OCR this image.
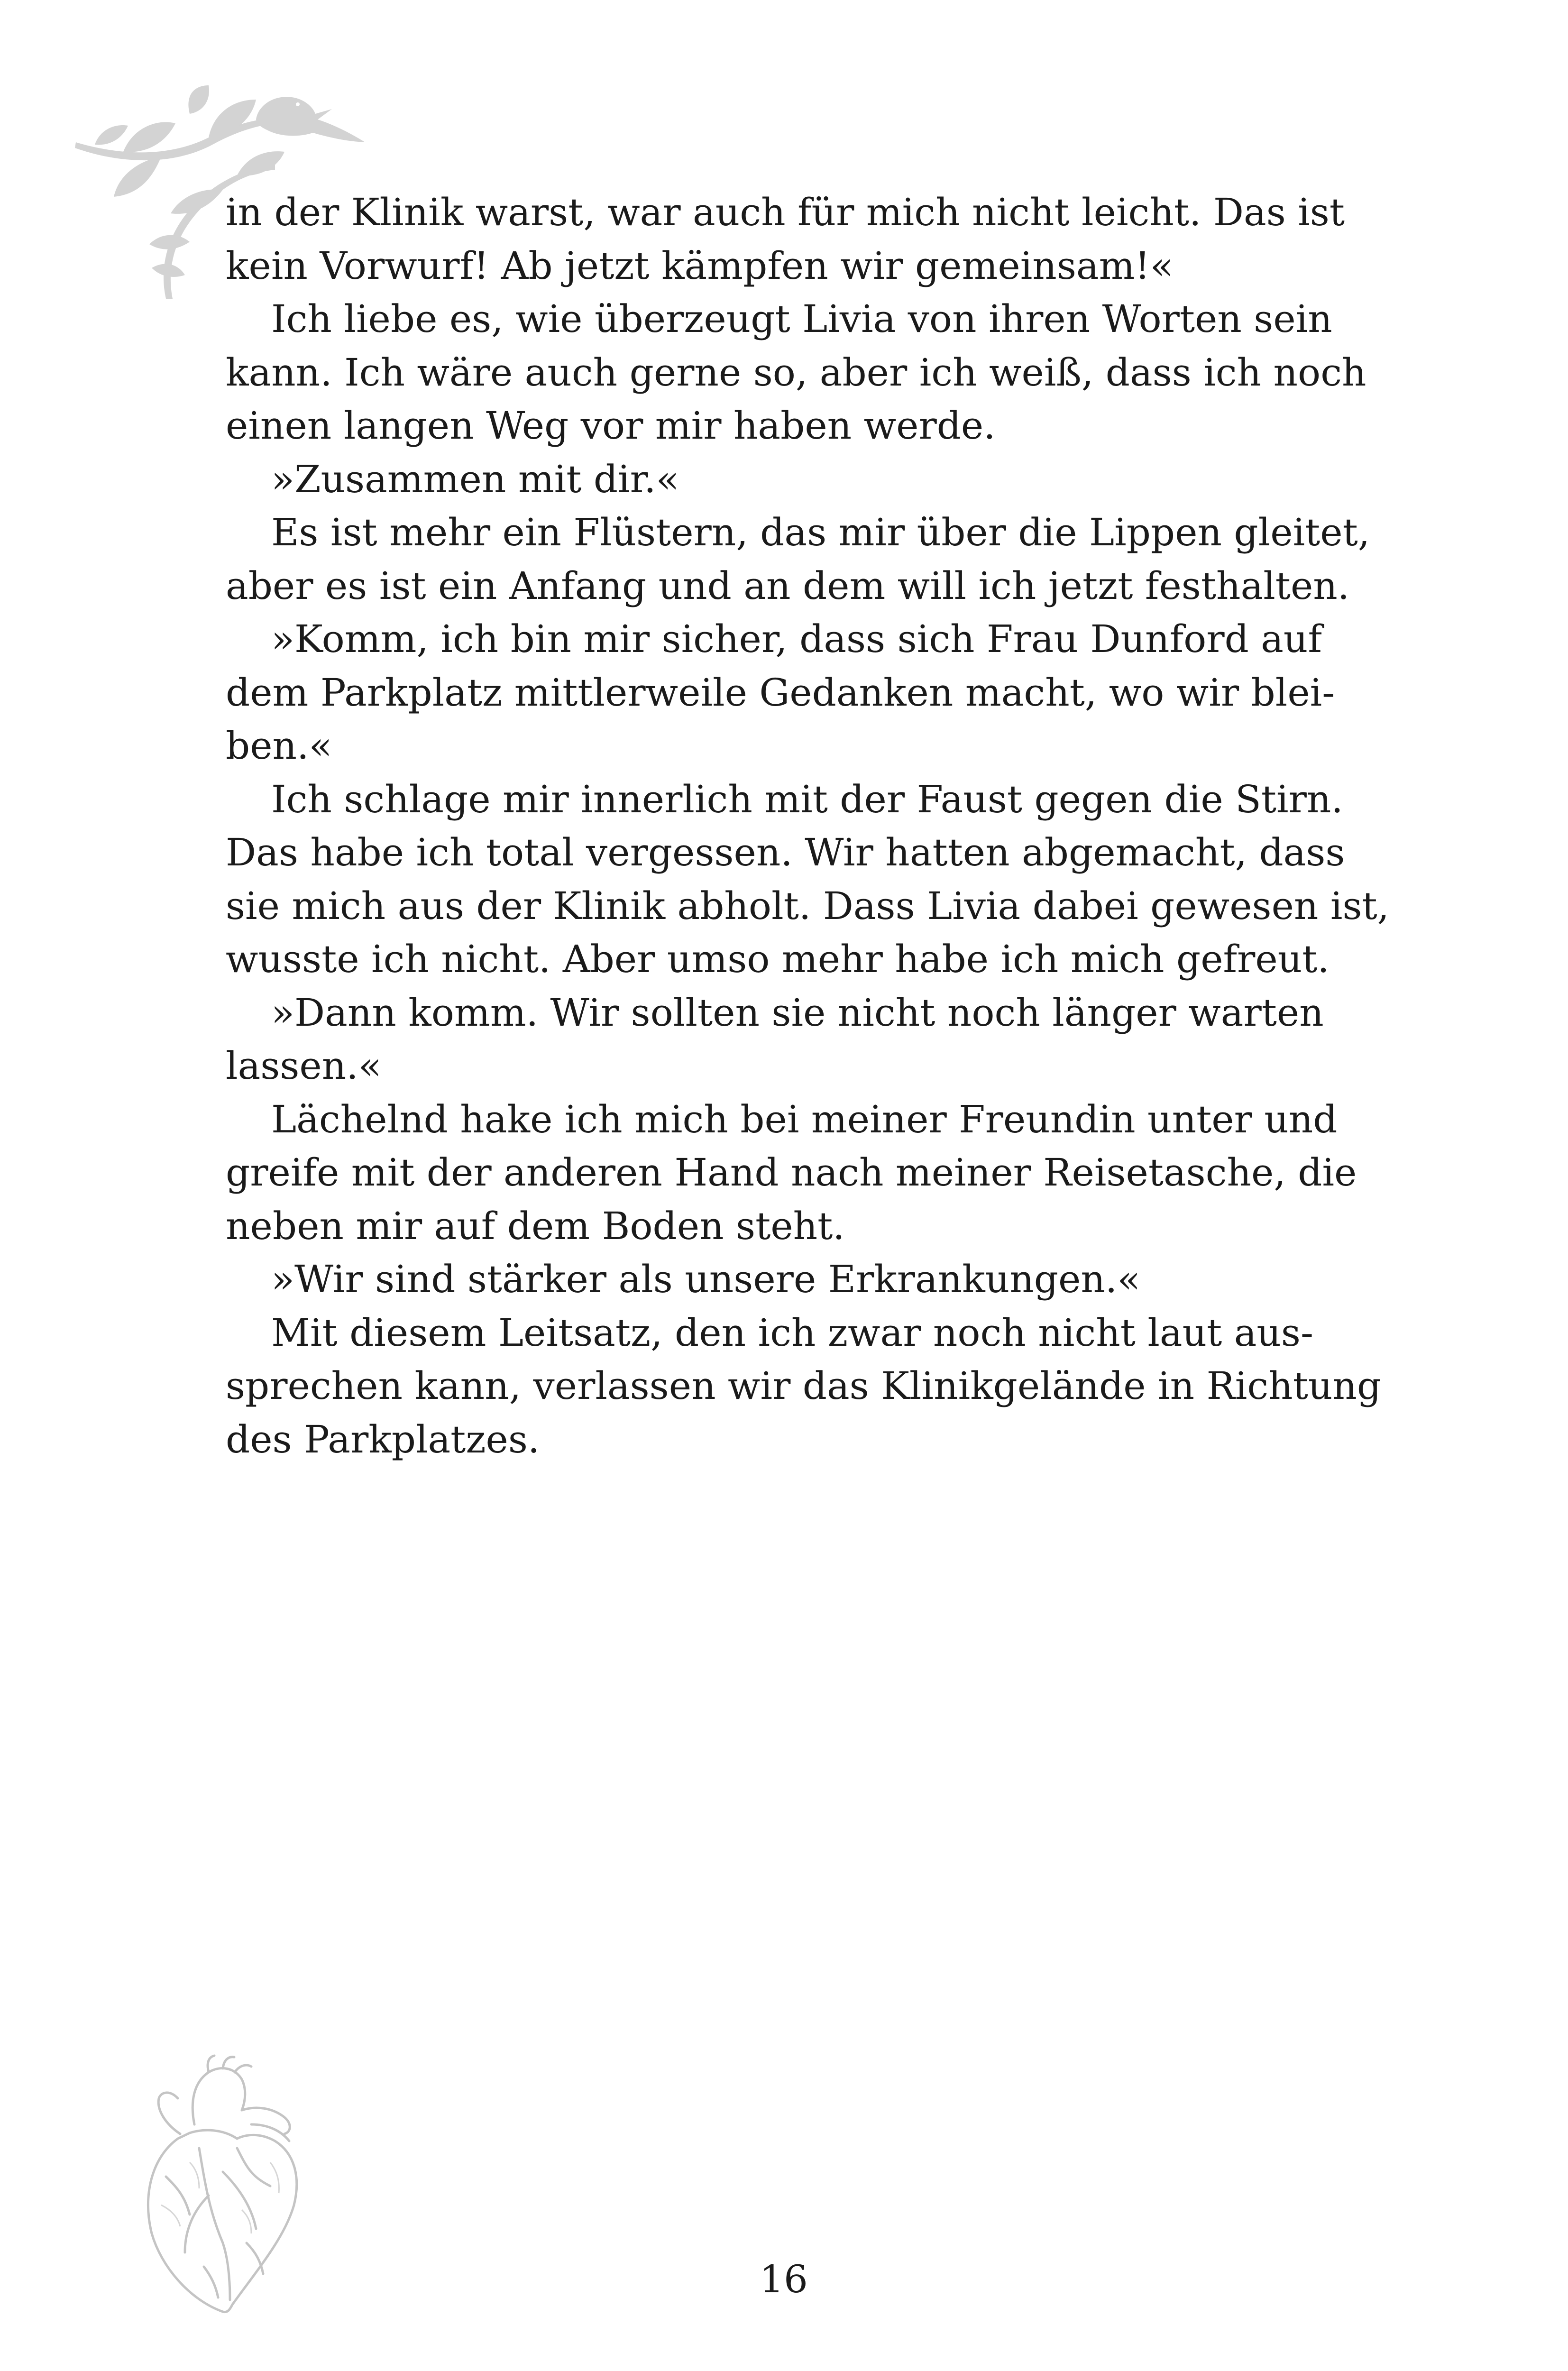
in der Klinik warst, war auch für mich nicht leicht. Das ist
kein Vorwurf! Ab jetzt kämpfen wir gemeinsam!«

Ich liebe es, wie überzeugt Livia von ihren Worten sein
kann. Ich wäre auch gerne so, aber ich weiß, dass ich noch
einen langen Weg vor mir haben werde.

»Zusammen mit dir.«

Es ist mehr ein Flüstern, das mir über die Lippen gleitet,
aber es ist ein Anfang und an dem will ich jetzt festhalten.

»Komm, ich bin mir sicher, dass sich Frau Dunford auf
dem Parkplatz mittlerweile Gedanken macht, wo wir blei-
ben.«

Ich schlage mir innerlich mit der Faust gegen die Stirn.
Das habe ich total vergessen. Wir hatten abgemacht, dass
sie mich aus der Klinik abholt. Dass Livia dabei gewesen ist,
wusste ich nicht. Aber umso mehr habe ich mich gefreut.

»Dann komm. Wir sollten sie nicht noch länger warten
lassen.«

Lächelnd hake ich mich bei meiner Freundin unter und
greife mit der anderen Hand nach meiner Reisetasche, die
neben mir auf dem Boden steht.

»Wir sind stärker als unsere Erkrankungen.«

Mit diesem Leitsatz, den ich zwar noch nicht laut aus-
sprechen kann, verlassen wir das Klinikgelände in Richtung
des Parkplatzes.

16
